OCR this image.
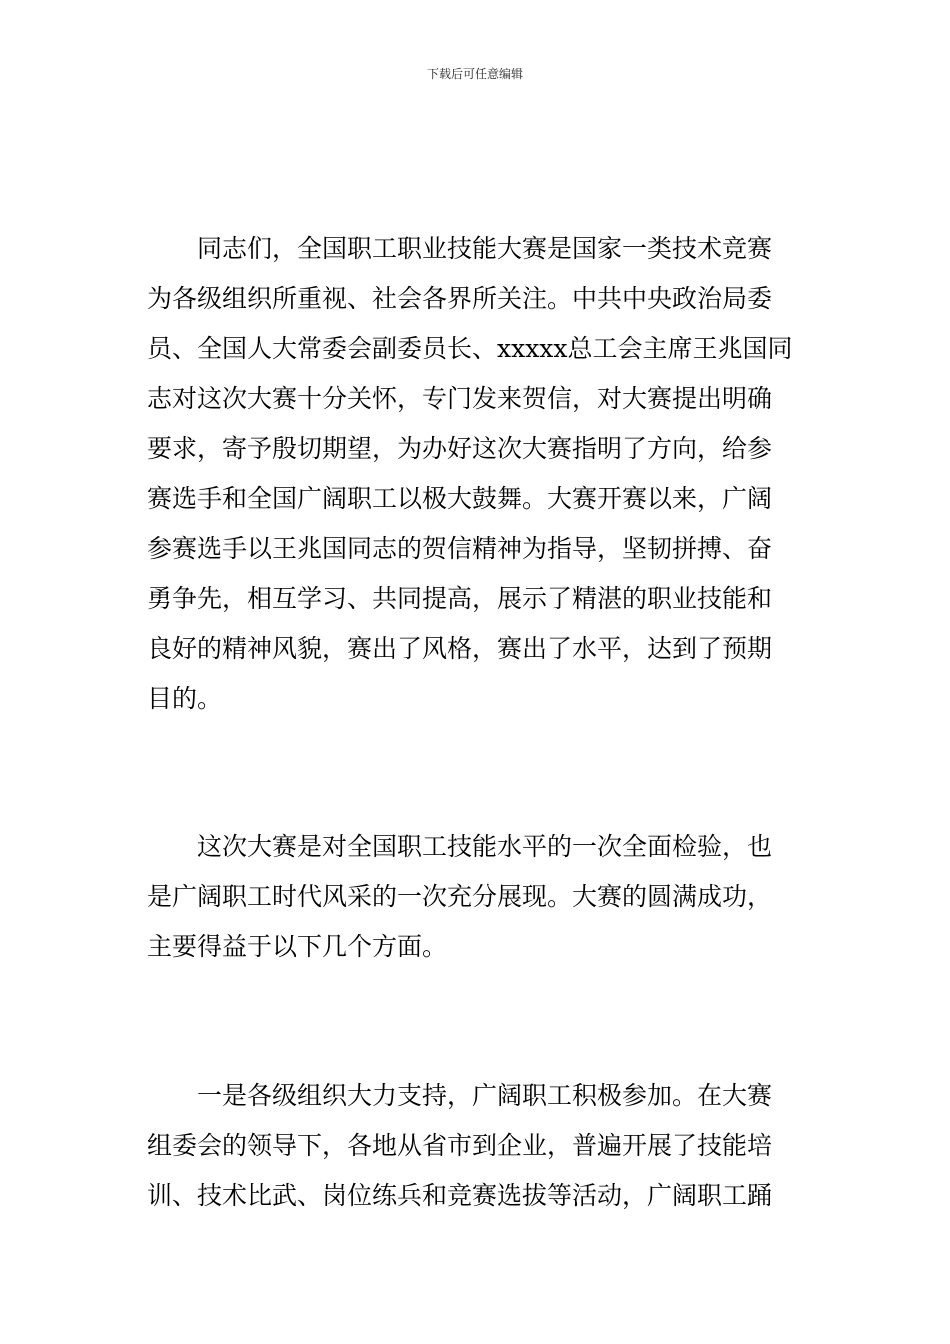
下载后可任意编辑
同志们，全国职工职业技能大赛是国家一类技术竞赛
为各级组织所重视、社会各界所关注。中共中央政治局委
员、全国人大常委会副委员长、xxxxx总工会主席王兆国同
志对这次大赛十分关怀，专门发来贺信，对大赛提出明确
要求，寄予殷切期望，为办好这次大赛指明了方向，给参
赛选手和全国广阔职工以极大鼓舞。大赛开赛以来，广阔
参赛选手以王兆国同志的贺信精神为指导，坚韧拼搏、奋
勇争先，相互学习、共同提高，展示了精湛的职业技能和
良好的精神风貌，赛出了风格，赛出了水平，达到了预期
目的。
这次大赛是对全国职工技能水平的一次全面检验，也
是广阔职工时代风采的一次充分展现。大赛的圆满成功，
主要得益于以下几个方面。
一是各级组织大力支持，广阔职工积极参加。在大赛
组委会的领导下，各地从省市到企业，普遍开展了技能培
训、技术比武、岗位练兵和竞赛选拔等活动，广阔职工踊
